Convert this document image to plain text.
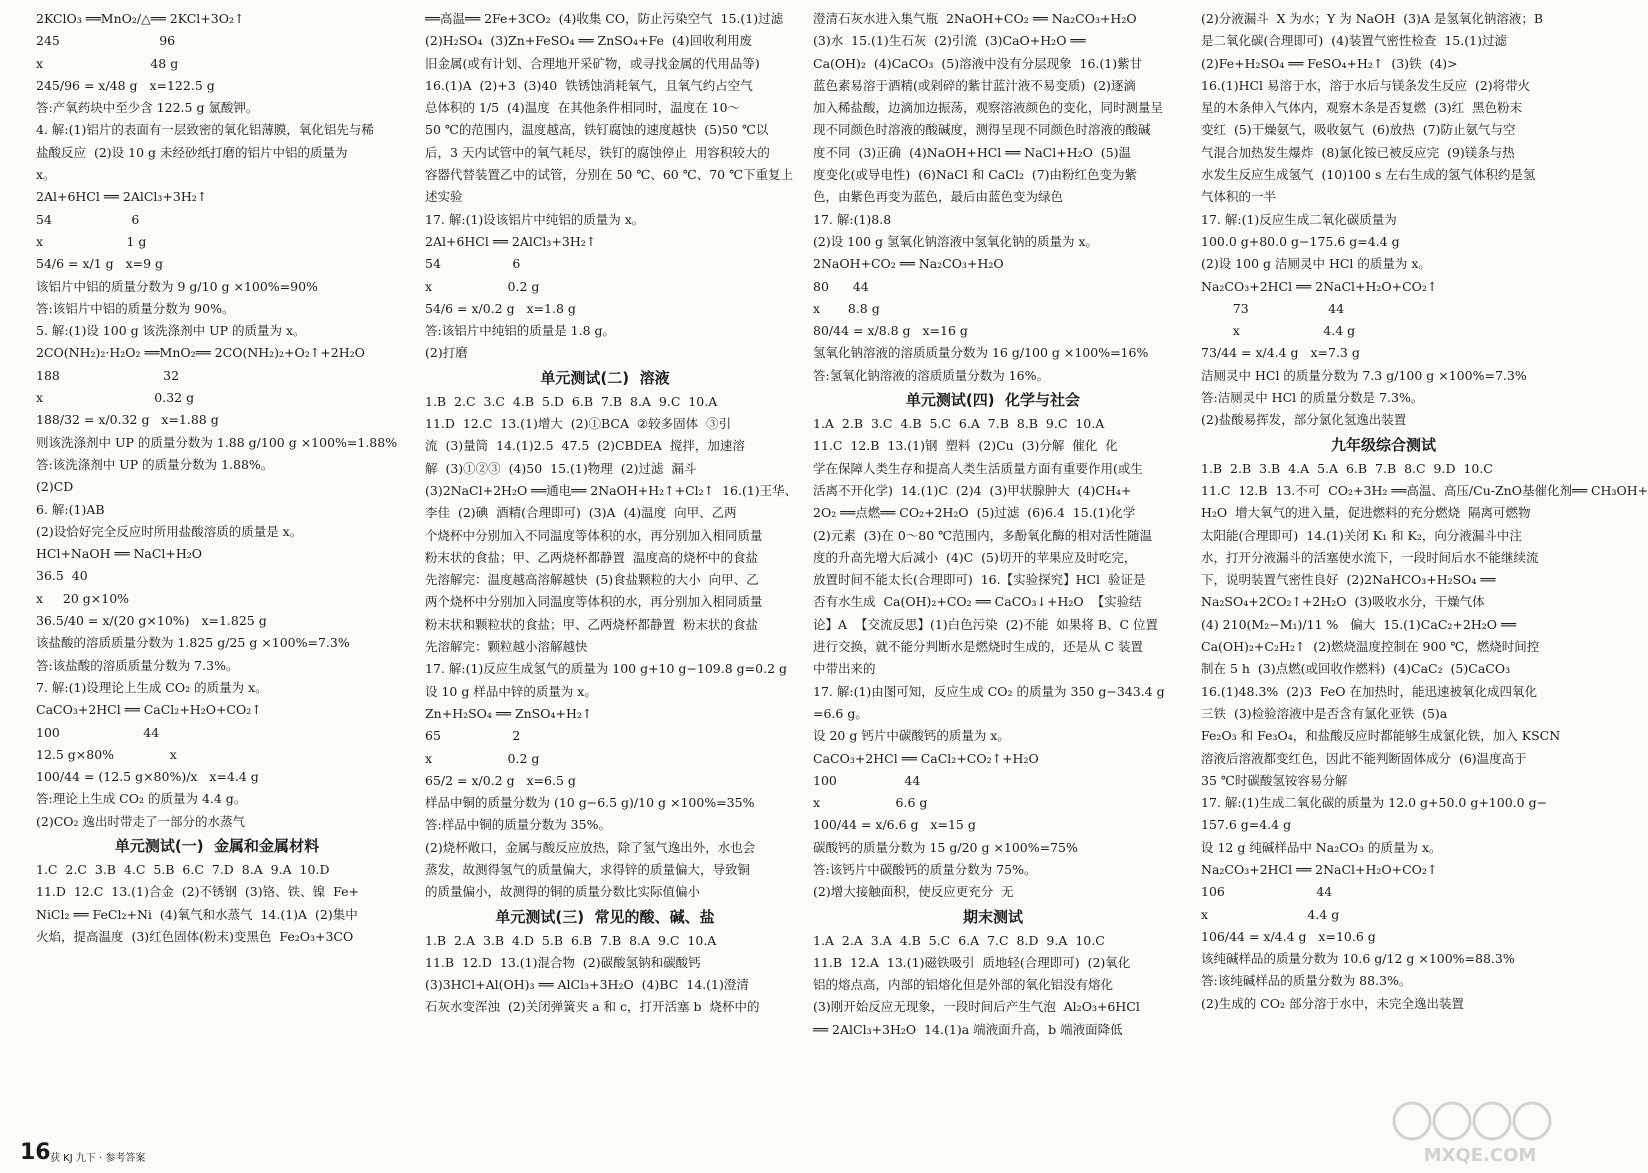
2KClO₃ ══MnO₂/△══ 2KCl+3O₂↑
245                         96
x                           48 g
245/96 = x/48 g   x=122.5 g
答:产氧药块中至少含 122.5 g 氯酸钾。
4. 解:(1)铝片的表面有一层致密的氧化铝薄膜，氧化铝先与稀
盐酸反应  (2)设 10 g 未经砂纸打磨的铝片中铝的质量为
x。
2Al+6HCl ══ 2AlCl₃+3H₂↑
54                    6
x                     1 g
54/6 = x/1 g   x=9 g
该铝片中铝的质量分数为 9 g/10 g ×100%=90%
答:该铝片中铝的质量分数为 90%。
5. 解:(1)设 100 g 该洗涤剂中 UP 的质量为 x。
2CO(NH₂)₂·H₂O₂ ══MnO₂══ 2CO(NH₂)₂+O₂↑+2H₂O
188                          32
x                            0.32 g
188/32 = x/0.32 g   x=1.88 g
则该洗涤剂中 UP 的质量分数为 1.88 g/100 g ×100%=1.88%
答:该洗涤剂中 UP 的质量分数为 1.88%。
(2)CD
6. 解:(1)AB
(2)设恰好完全反应时所用盐酸溶质的质量是 x。
HCl+NaOH ══ NaCl+H₂O
36.5  40
x     20 g×10%
36.5/40 = x/(20 g×10%)   x=1.825 g
该盐酸的溶质质量分数为 1.825 g/25 g ×100%=7.3%
答:该盐酸的溶质质量分数为 7.3%。
7. 解:(1)设理论上生成 CO₂ 的质量为 x。
CaCO₃+2HCl ══ CaCl₂+H₂O+CO₂↑
100                     44
12.5 g×80%              x
100/44 = (12.5 g×80%)/x   x=4.4 g
答:理论上生成 CO₂ 的质量为 4.4 g。
(2)CO₂ 逸出时带走了一部分的水蒸气
单元测试(一)  金属和金属材料
1.C  2.C  3.B  4.C  5.B  6.C  7.D  8.A  9.A  10.D
11.D  12.C  13.(1)合金  (2)不锈钢  (3)铬、铁、镍  Fe+
NiCl₂ ══ FeCl₂+Ni  (4)氧气和水蒸气  14.(1)A  (2)集中
火焰，提高温度  (3)红色固体(粉末)变黑色  Fe₂O₃+3CO
══高温══ 2Fe+3CO₂  (4)收集 CO，防止污染空气  15.(1)过滤
(2)H₂SO₄  (3)Zn+FeSO₄ ══ ZnSO₄+Fe  (4)回收利用废
旧金属(或有计划、合理地开采矿物，或寻找金属的代用品等)
16.(1)A  (2)+3  (3)40  铁锈蚀消耗氧气，且氧气约占空气
总体积的 1/5  (4)温度  在其他条件相同时，温度在 10～
50 ℃的范围内，温度越高，铁钉腐蚀的速度越快  (5)50 ℃以
后，3 天内试管中的氧气耗尽，铁钉的腐蚀停止  用容积较大的
容器代替装置乙中的试管，分别在 50 ℃、60 ℃、70 ℃下重复上
述实验
17. 解:(1)设该铝片中纯铝的质量为 x。
2Al+6HCl ══ 2AlCl₃+3H₂↑
54                  6
x                   0.2 g
54/6 = x/0.2 g   x=1.8 g
答:该铝片中纯铝的质量是 1.8 g。
(2)打磨
单元测试(二)  溶液
1.B  2.C  3.C  4.B  5.D  6.B  7.B  8.A  9.C  10.A
11.D  12.C  13.(1)增大  (2)①BCA  ②较多固体  ③引
流  (3)量筒  14.(1)2.5  47.5  (2)CBDEA  搅拌，加速溶
解  (3)①②③  (4)50  15.(1)物理  (2)过滤  漏斗
(3)2NaCl+2H₂O ══通电══ 2NaOH+H₂↑+Cl₂↑  16.(1)王华、
李佳  (2)碘  酒精(合理即可)  (3)A  (4)温度  向甲、乙两
个烧杯中分别加入不同温度等体积的水，再分别加入相同质量
粉末状的食盐；甲、乙两烧杯都静置  温度高的烧杯中的食盐
先溶解完：温度越高溶解越快  (5)食盐颗粒的大小  向甲、乙
两个烧杯中分别加入同温度等体积的水，再分别加入相同质量
粉末状和颗粒状的食盐；甲、乙两烧杯都静置  粉末状的食盐
先溶解完：颗粒越小溶解越快
17. 解:(1)反应生成氢气的质量为 100 g+10 g−109.8 g=0.2 g
设 10 g 样品中锌的质量为 x。
Zn+H₂SO₄ ══ ZnSO₄+H₂↑
65                  2
x                   0.2 g
65/2 = x/0.2 g   x=6.5 g
样品中铜的质量分数为 (10 g−6.5 g)/10 g ×100%=35%
答:样品中铜的质量分数为 35%。
(2)烧杯敞口，金属与酸反应放热，除了氢气逸出外，水也会
蒸发，故测得氢气的质量偏大，求得锌的质量偏大，导致铜
的质量偏小，故测得的铜的质量分数比实际值偏小
单元测试(三)  常见的酸、碱、盐
1.B  2.A  3.B  4.D  5.B  6.B  7.B  8.A  9.C  10.A
11.B  12.D  13.(1)混合物  (2)碳酸氢钠和碳酸钙
(3)3HCl+Al(OH)₃ ══ AlCl₃+3H₂O  (4)BC  14.(1)澄清
石灰水变浑浊  (2)关闭弹簧夹 a 和 c，打开活塞 b  烧杯中的
澄清石灰水进入集气瓶  2NaOH+CO₂ ══ Na₂CO₃+H₂O
(3)水  15.(1)生石灰  (2)引流  (3)CaO+H₂O ══
Ca(OH)₂  (4)CaCO₃  (5)溶液中没有分层现象  16.(1)紫甘
蓝色素易溶于酒精(或剁碎的紫甘蓝汁液不易变质)  (2)逐滴
加入稀盐酸，边滴加边振荡，观察溶液颜色的变化，同时测量呈
现不同颜色时溶液的酸碱度，测得呈现不同颜色时溶液的酸碱
度不同  (3)正确  (4)NaOH+HCl ══ NaCl+H₂O  (5)温
度变化(或导电性)  (6)NaCl 和 CaCl₂  (7)由粉红色变为紫
色，由紫色再变为蓝色，最后由蓝色变为绿色
17. 解:(1)8.8
(2)设 100 g 氢氧化钠溶液中氢氧化钠的质量为 x。
2NaOH+CO₂ ══ Na₂CO₃+H₂O
80      44
x       8.8 g
80/44 = x/8.8 g   x=16 g
氢氧化钠溶液的溶质质量分数为 16 g/100 g ×100%=16%
答:氢氧化钠溶液的溶质质量分数为 16%。
单元测试(四)  化学与社会
1.A  2.B  3.C  4.B  5.C  6.A  7.B  8.B  9.C  10.A
11.C  12.B  13.(1)钢  塑料  (2)Cu  (3)分解  催化  化
学在保障人类生存和提高人类生活质量方面有重要作用(或生
活离不开化学)  14.(1)C  (2)4  (3)甲状腺肿大  (4)CH₄+
2O₂ ══点燃══ CO₂+2H₂O  (5)过滤  (6)6.4  15.(1)化学
(2)元素  (3)在 0～80 ℃范围内，多酚氧化酶的相对活性随温
度的升高先增大后减小  (4)C  (5)切开的苹果应及时吃完，
放置时间不能太长(合理即可)  16.【实验探究】HCl  验证是
否有水生成  Ca(OH)₂+CO₂ ══ CaCO₃↓+H₂O  【实验结
论】A  【交流反思】(1)白色污染  (2)不能  如果将 B、C 位置
进行交换，就不能分判断水是燃烧时生成的，还是从 C 装置
中带出来的
17. 解:(1)由图可知，反应生成 CO₂ 的质量为 350 g−343.4 g
=6.6 g。
设 20 g 钙片中碳酸钙的质量为 x。
CaCO₃+2HCl ══ CaCl₂+CO₂↑+H₂O
100                 44
x                   6.6 g
100/44 = x/6.6 g   x=15 g
碳酸钙的质量分数为 15 g/20 g ×100%=75%
答:该钙片中碳酸钙的质量分数为 75%。
(2)增大接触面积，使反应更充分  无
期末测试
1.A  2.A  3.A  4.B  5.C  6.A  7.C  8.D  9.A  10.C
11.B  12.A  13.(1)磁铁吸引  质地轻(合理即可)  (2)氧化
铝的熔点高，内部的铝熔化但是外部的氧化铝没有熔化
(3)刚开始反应无现象，一段时间后产生气泡  Al₂O₃+6HCl
══ 2AlCl₃+3H₂O  14.(1)a 端液面升高，b 端液面降低
(2)分液漏斗  X 为水；Y 为 NaOH  (3)A 是氢氧化钠溶液；B
是二氧化碳(合理即可)  (4)装置气密性检查  15.(1)过滤
(2)Fe+H₂SO₄ ══ FeSO₄+H₂↑  (3)铁  (4)>
16.(1)HCl 易溶于水，溶于水后与镁条发生反应  (2)将带火
星的木条伸入气体内，观察木条是否复燃  (3)红  黑色粉末
变红  (5)干燥氨气，吸收氨气  (6)放热  (7)防止氨气与空
气混合加热发生爆炸  (8)氯化铵已被反应完  (9)镁条与热
水发生反应生成氢气  (10)100 s 左右生成的氢气体积约是氢
气体积的一半
17. 解:(1)反应生成二氧化碳质量为
100.0 g+80.0 g−175.6 g=4.4 g
(2)设 100 g 洁厕灵中 HCl 的质量为 x。
Na₂CO₃+2HCl ══ 2NaCl+H₂O+CO₂↑
73                    44
x                     4.4 g
73/44 = x/4.4 g   x=7.3 g
洁厕灵中 HCl 的质量分数为 7.3 g/100 g ×100%=7.3%
答:洁厕灵中 HCl 的质量分数是 7.3%。
(2)盐酸易挥发，部分氯化氢逸出装置
九年级综合测试
1.B  2.B  3.B  4.A  5.A  6.B  7.B  8.C  9.D  10.C
11.C  12.B  13.不可  CO₂+3H₂ ══高温、高压/Cu-ZnO基催化剂══ CH₃OH+
H₂O  增大氧气的进入量，促进燃料的充分燃烧  隔离可燃物
太阳能(合理即可)  14.(1)关闭 K₁ 和 K₂，向分液漏斗中注
水，打开分液漏斗的活塞使水流下，一段时间后水不能继续流
下，说明装置气密性良好  (2)2NaHCO₃+H₂SO₄ ══
Na₂SO₄+2CO₂↑+2H₂O  (3)吸收水分，干燥气体
(4) 210(M₂−M₁)/11 %   偏大  15.(1)CaC₂+2H₂O ══
Ca(OH)₂+C₂H₂↑  (2)燃烧温度控制在 900 ℃，燃烧时间控
制在 5 h  (3)点燃(或回收作燃料)  (4)CaC₂  (5)CaCO₃
16.(1)48.3%  (2)3  FeO 在加热时，能迅速被氧化成四氧化
三铁  (3)检验溶液中是否含有氯化亚铁  (5)a
Fe₂O₃ 和 Fe₃O₄，和盐酸反应时都能够生成氯化铁，加入 KSCN
溶液后溶液都变红色，因此不能判断固体成分  (6)温度高于
35 ℃时碳酸氢铵容易分解
17. 解:(1)生成二氧化碳的质量为 12.0 g+50.0 g+100.0 g−
157.6 g=4.4 g
设 12 g 纯碱样品中 Na₂CO₃ 的质量为 x。
Na₂CO₃+2HCl ══ 2NaCl+H₂O+CO₂↑
106                       44
x                         4.4 g
106/44 = x/4.4 g   x=10.6 g
该纯碱样品的质量分数为 10.6 g/12 g ×100%=88.3%
答:该纯碱样品的质量分数为 88.3%。
(2)生成的 CO₂ 部分溶于水中，未完全逸出装置
16 获 KJ 九下 · 参考答案	MXQE.COM
